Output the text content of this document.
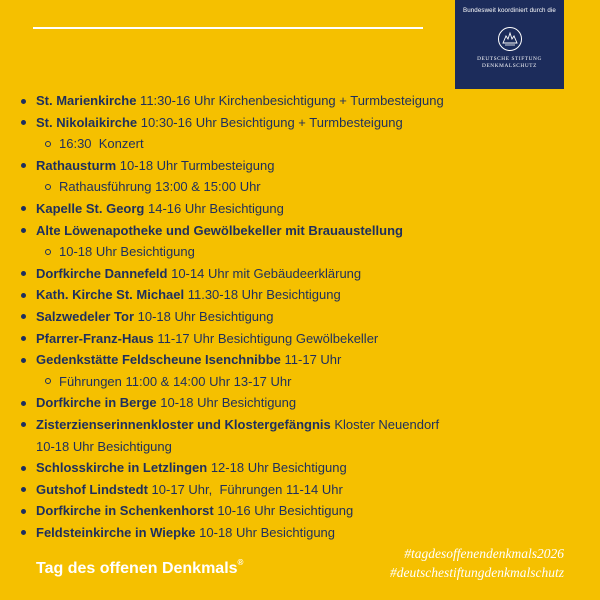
Bundesweit koordiniert durch die
DEUTSCHE STIFTUNG
DENKMALSCHUTZ
St. Marienkirche 11:30-16 Uhr Kirchenbesichtigung + Turmbesteigung
St. Nikolaikirche 10:30-16 Uhr Besichtigung + Turmbesteigung
16:30  Konzert
Rathausturm 10-18 Uhr Turmbesteigung
Rathausführung 13:00 & 15:00 Uhr
Kapelle St. Georg 14-16 Uhr Besichtigung
Alte Löwenapotheke und Gewölbekeller mit Brauaustellung
10-18 Uhr Besichtigung
Dorfkirche Dannefeld 10-14 Uhr mit Gebäudeerklärung
Kath. Kirche St. Michael 11.30-18 Uhr Besichtigung
Salzwedeler Tor 10-18 Uhr Besichtigung
Pfarrer-Franz-Haus 11-17 Uhr Besichtigung Gewölbekeller
Gedenkstätte Feldscheune Isenchnibbe 11-17 Uhr
Führungen 11:00 & 14:00 Uhr 13-17 Uhr
Dorfkirche in Berge 10-18 Uhr Besichtigung
Zisterzienserinnenkloster und Klostergefängnis Kloster Neuendorf
10-18 Uhr Besichtigung
Schlosskirche in Letzlingen 12-18 Uhr Besichtigung
Gutshof Lindstedt 10-17 Uhr,  Führungen 11-14 Uhr
Dorfkirche in Schenkenhorst 10-16 Uhr Besichtigung
Feldsteinkirche in Wiepke 10-18 Uhr Besichtigung
Tag des offenen Denkmals®
#tagdesoffenendenkmals2026
#deutschestiftungdenkmalschutz
